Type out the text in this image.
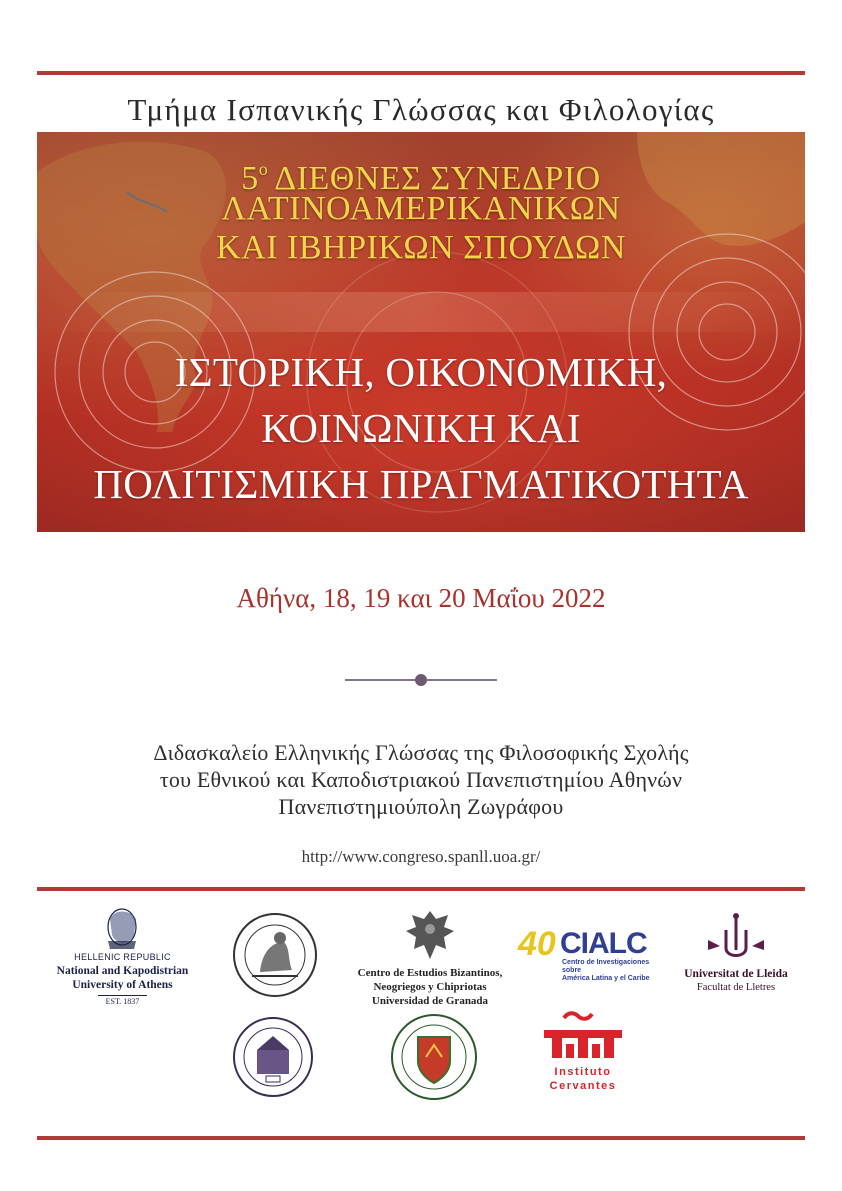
Τμήμα Ισπανικής Γλώσσας και Φιλολογίας
$5^o$ ΔΙΕΘΝΕΣ ΣΥΝΕΔΡΙΟ
ΛΑΤΙΝΟΑΜΕΡΙΚΑΝΙΚΩΝ
ΚΑΙ ΙΒΗΡΙΚΩΝ ΣΠΟΥΔΩΝ
ΙΣΤΟΡΙΚΗ, ΟΙΚΟΝΟΜΙΚΗ,
ΚΟΙΝΩΝΙΚΗ ΚΑΙ
ΠΟΛΙΤΙΣΜΙΚΗ ΠΡΑΓΜΑΤΙΚΟΤΗΤΑ
Αθήνα, 18, 19 και 20 Μαΐου 2022
Διδασκαλείο Ελληνικής Γλώσσας της Φιλοσοφικής Σχολής
του Εθνικού και Καποδιστριακού Πανεπιστημίου Αθηνών
Πανεπιστημιούπολη Ζωγράφου
http://www.congreso.spanll.uoa.gr/
HELLENIC REPUBLIC
National and Kapodistrian
University of Athens
EST. 1837
Centro de Estudios Bizantinos,
Neogriegos y Chipriotas
Universidad de Granada
40 CIALC
Centro de Investigaciones sobre
América Latina y el Caribe	Universitat de Lleida
Facultat de Lletres
Instituto
Cervantes
